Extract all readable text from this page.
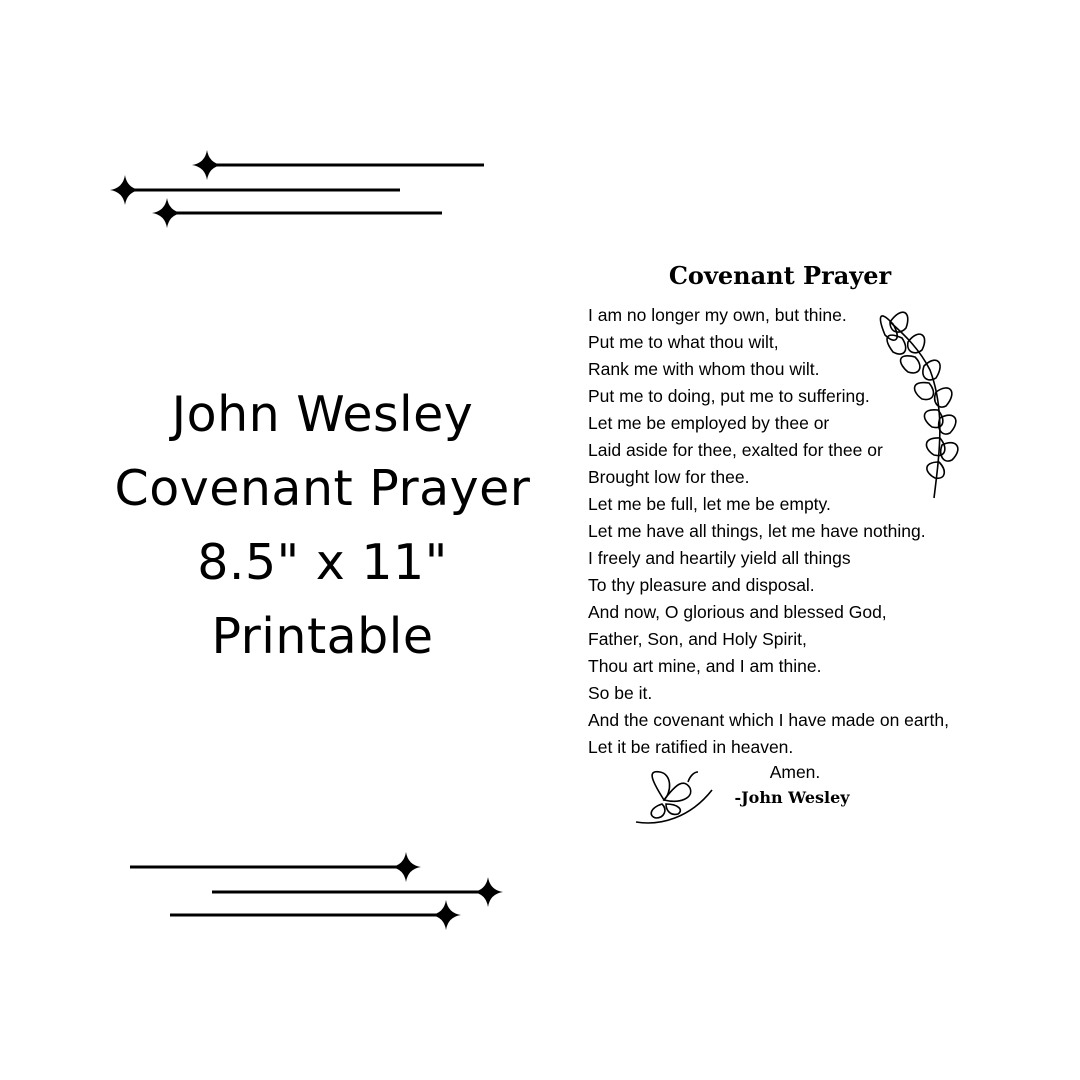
John Wesley
Covenant Prayer
8.5" x 11"
Printable
Covenant Prayer
I am no longer my own, but thine.
Put me to what thou wilt,
Rank me with whom thou wilt.
Put me to doing, put me to suffering.
Let me be employed by thee or
Laid aside for thee, exalted for thee or
Brought low for thee.
Let me be full, let me be empty.
Let me have all things, let me have nothing.
I freely and heartily yield all things
To thy pleasure and disposal.
And now, O glorious and blessed God,
Father, Son, and Holy Spirit,
Thou art mine, and I am thine.
So be it.
And the covenant which I have made on earth,
Let it be ratified in heaven.
Amen.
-John Wesley
